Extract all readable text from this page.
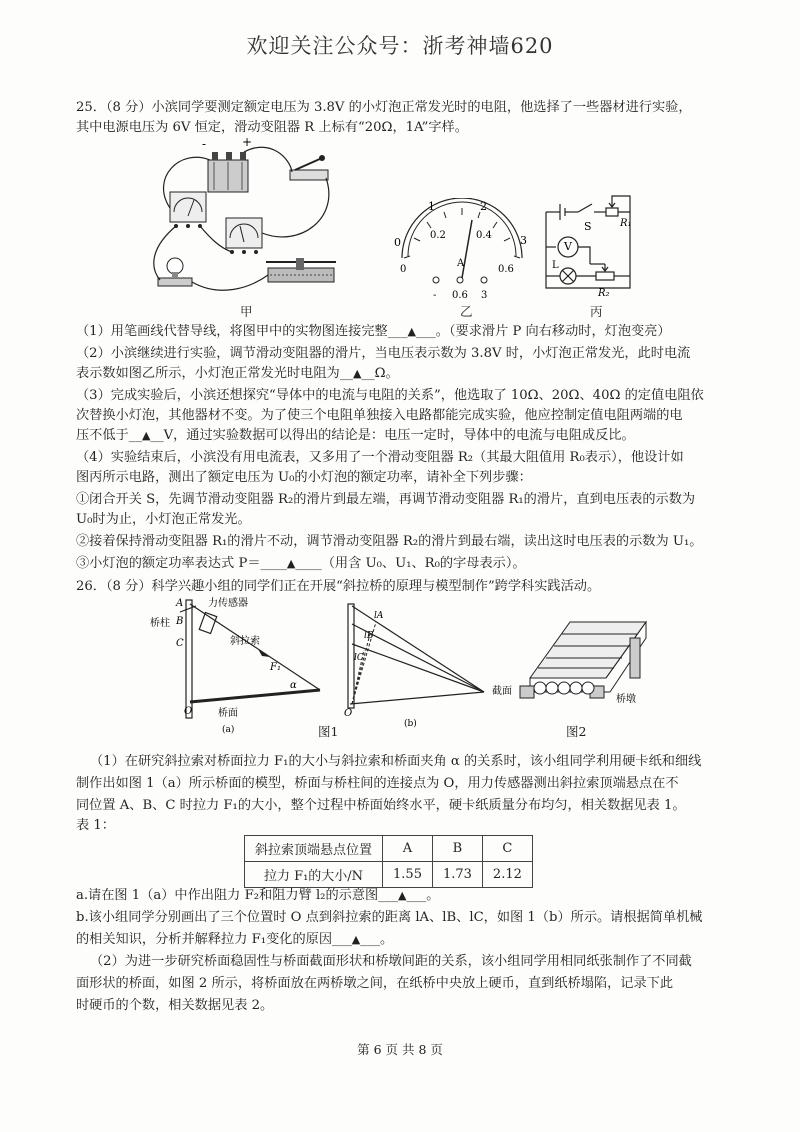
欢迎关注公众号：浙考神墙620
25．（8 分）小滨同学要测定额定电压为 3.8V 的小灯泡正常发光时的电阻，他选择了一些器材进行实验，
其中电源电压为 6V 恒定，滑动变阻器 R 上标有“20Ω，1A”字样。
-	+
甲
1	2
0	3
0.2	0.4
0	0.6
A
- 0.6 3
乙
V
S	R₁
L
R₂
丙
（1）用笔画线代替导线，将图甲中的实物图连接完整___▲___。（要求滑片 P 向右移动时，灯泡变亮）
（2）小滨继续进行实验，调节滑动变阻器的滑片，当电压表示数为 3.8V 时，小灯泡正常发光，此时电流
表示数如图乙所示，小灯泡正常发光时电阻为__▲__Ω。
（3）完成实验后，小滨还想探究“导体中的电流与电阻的关系”，他选取了 10Ω、20Ω、40Ω 的定值电阻依
次替换小灯泡，其他器材不变。为了使三个电阻单独接入电路都能完成实验，他应控制定值电阻两端的电
压不低于__▲__V，通过实验数据可以得出的结论是：电压一定时，导体中的电流与电阻成反比。
（4）实验结束后，小滨没有用电流表，又多用了一个滑动变阻器 R₂（其最大阻值用 R₀表示），他设计如
图丙所示电路，测出了额定电压为 U₀的小灯泡的额定功率，请补全下列步骤：
①闭合开关 S，先调节滑动变阻器 R₂的滑片到最左端，再调节滑动变阻器 R₁的滑片，直到电压表的示数为
U₀时为止，小灯泡正常发光。
②接着保持滑动变阻器 R₁的滑片不动，调节滑动变阻器 R₂的滑片到最右端，读出这时电压表的示数为 U₁。
③小灯泡的额定功率表达式 P＝____▲____（用含 U₀、U₁、R₀的字母表示）。
26．（8 分）科学兴趣小组的同学们正在开展“斜拉桥的原理与模型制作”跨学科实践活动。
A
B
C
O
力传感器
桥柱
斜拉索
F₁
α
桥面
(a)
lA
lB
lC
O
(b)
图1
截面
桥墩
图2
（1）在研究斜拉索对桥面拉力 F₁的大小与斜拉索和桥面夹角 α 的关系时，该小组同学利用硬卡纸和细线
制作出如图 1（a）所示桥面的模型，桥面与桥柱间的连接点为 O，用力传感器测出斜拉索顶端悬点在不
同位置 A、B、C 时拉力 F₁的大小，整个过程中桥面始终水平，硬卡纸质量分布均匀，相关数据见表 1。
表 1：
斜拉索顶端悬点位置	A	B	C
拉力 F₁的大小/N	1.55	1.73	2.12
a.请在图 1（a）中作出阻力 F₂和阻力臂 l₂的示意图___▲___。
b.该小组同学分别画出了三个位置时 O 点到斜拉索的距离 lA、lB、lC，如图 1（b）所示。请根据简单机械
的相关知识，分析并解释拉力 F₁变化的原因___▲___。
（2）为进一步研究桥面稳固性与桥面截面形状和桥墩间距的关系，该小组同学用相同纸张制作了不同截
面形状的桥面，如图 2 所示，将桥面放在两桥墩之间，在纸桥中央放上硬币，直到纸桥塌陷，记录下此
时硬币的个数，相关数据见表 2。
第 6 页 共 8 页
